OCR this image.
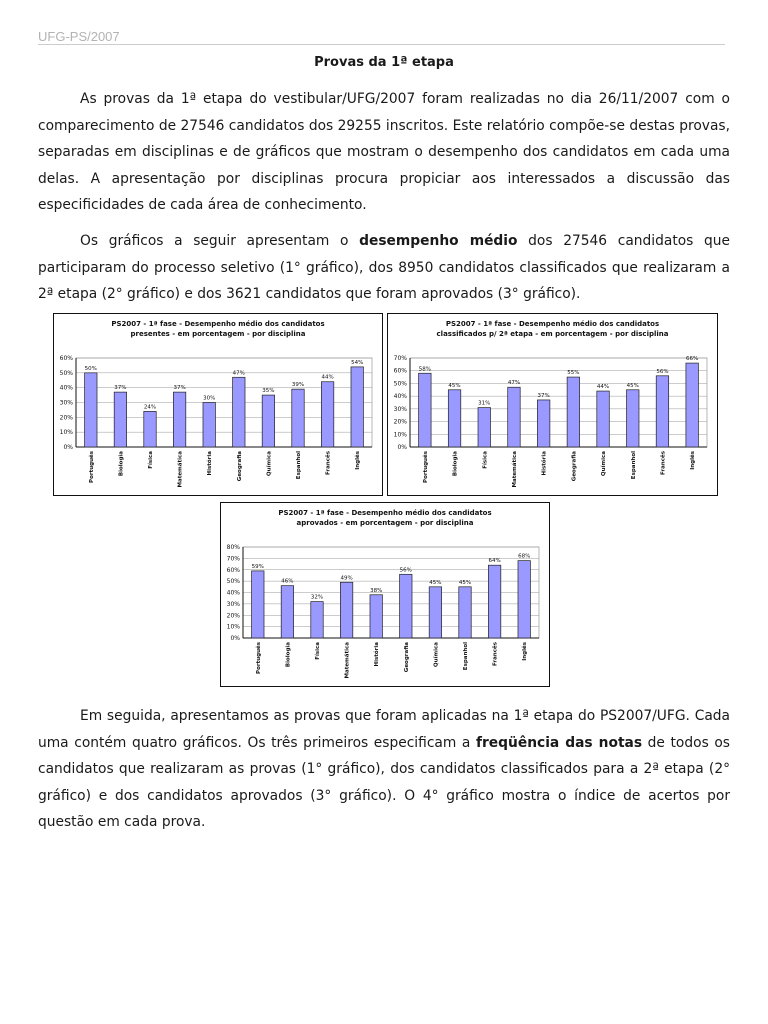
UFG-PS/2007
Provas da 1ª etapa

As provas da 1ª etapa do vestibular/UFG/2007 foram realizadas no dia 26/11/2007 com o comparecimento de 27546 candidatos dos 29255 inscritos. Este relatório compõe-se destas provas, separadas em disciplinas e de gráficos que mostram o desempenho dos candidatos em cada uma delas. A apresentação por disciplinas procura propiciar aos interessados a discussão das especificidades de cada área de conhecimento.

Os gráficos a seguir apresentam o desempenho médio dos 27546 candidatos que participaram do processo seletivo (1° gráfico), dos 8950 candidatos classificados que realizaram a 2ª etapa (2° gráfico) e dos 3621 candidatos que foram aprovados (3° gráfico).

PS2007 - 1ª fase - Desempenho médio dos candidatos
presentes - em porcentagem - por disciplina
0%
10%
20%
30%
40%
50%
60%
50%
Português
37%
Biologia
24%
Física
37%
Matemática
30%
História
47%
Geografia
35%
Química
39%
Espanhol
44%
Francês
54%
Inglês
PS2007 - 1ª fase - Desempenho médio dos candidatos
classificados p/ 2ª etapa - em porcentagem - por disciplina
0%
10%
20%
30%
40%
50%
60%
70%
58%
Português
45%
Biologia
31%
Física
47%
Matemática
37%
História
55%
Geografia
44%
Química
45%
Espanhol
56%
Francês
66%
Inglês
PS2007 - 1ª fase - Desempenho médio dos candidatos
aprovados - em porcentagem - por disciplina
0%
10%
20%
30%
40%
50%
60%
70%
80%
59%
Português
46%
Biologia
32%
Física
49%
Matemática
38%
História
56%
Geografia
45%
Química
45%
Espanhol
64%
Francês
68%
Inglês

Em seguida, apresentamos as provas que foram aplicadas na 1ª etapa do PS2007/UFG. Cada uma contém quatro gráficos. Os três primeiros especificam a freqüência das notas de todos os candidatos que realizaram as provas (1° gráfico), dos candidatos classificados para a 2ª etapa (2° gráfico) e dos candidatos aprovados (3° gráfico). O 4° gráfico mostra o índice de acertos por questão em cada prova.
